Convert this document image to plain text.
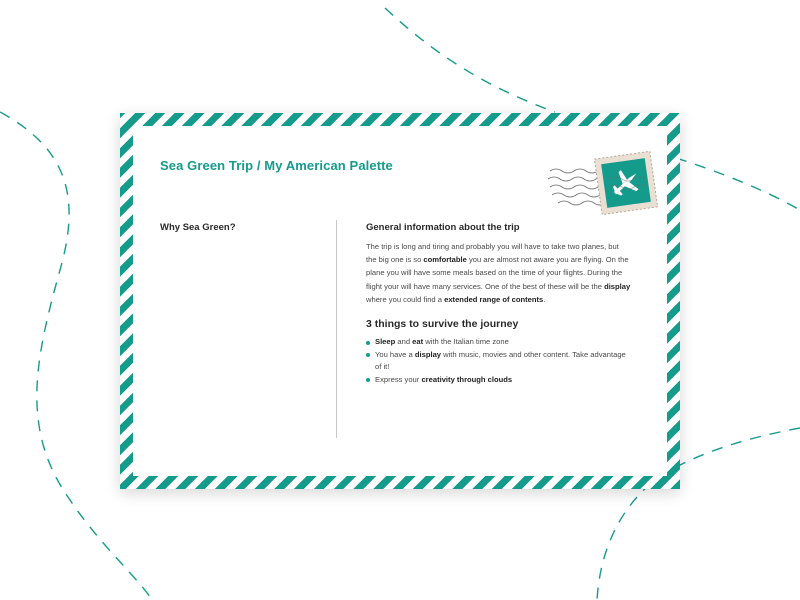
Sea Green Trip / My American Palette
Why Sea Green?	General information about the trip

The trip is long and tiring and probably you will have to take two planes, but the big one is so comfortable you are almost not aware you are flying. On the plane you will have some meals based on the time of your flights. During the flight your will have many services. One of the best of these will be the display where you could find a extended range of contents.

3 things to survive the journey
Sleep and eat with the Italian time zone
You have a display with music, movies and other content. Take advantage of it!
Express your creativity through clouds
